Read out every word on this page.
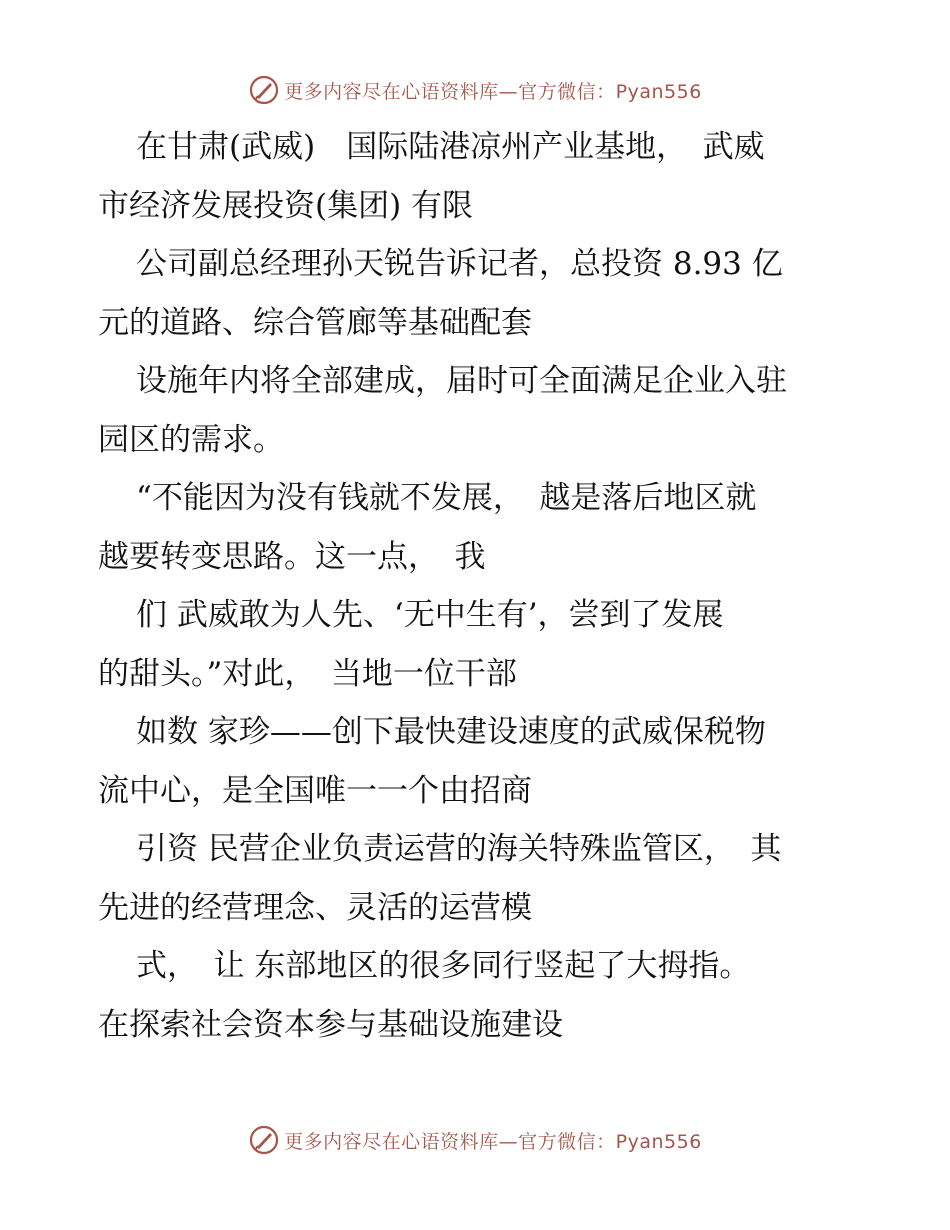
更多内容尽在心语资料库—官方微信：Pyan556

在甘肃(武威)　国际陆港凉州产业基地，　武威
市经济发展投资(集团) 有限

公司副总经理孙天锐告诉记者，总投资 8.93 亿
元的道路、综合管廊等基础配套

设施年内将全部建成，届时可全面满足企业入驻
园区的需求。

“不能因为没有钱就不发展，　越是落后地区就
越要转变思路。这一点，　我

们 武威敢为人先、‘无中生有’，尝到了发展
的甜头。”对此，　当地一位干部

如数 家珍——创下最快建设速度的武威保税物
流中心，是全国唯一一个由招商

引资 民营企业负责运营的海关特殊监管区，　其
先进的经营理念、灵活的运营模

式，　让 东部地区的很多同行竖起了大拇指。
在探索社会资本参与基础设施建设

更多内容尽在心语资料库—官方微信：Pyan556
